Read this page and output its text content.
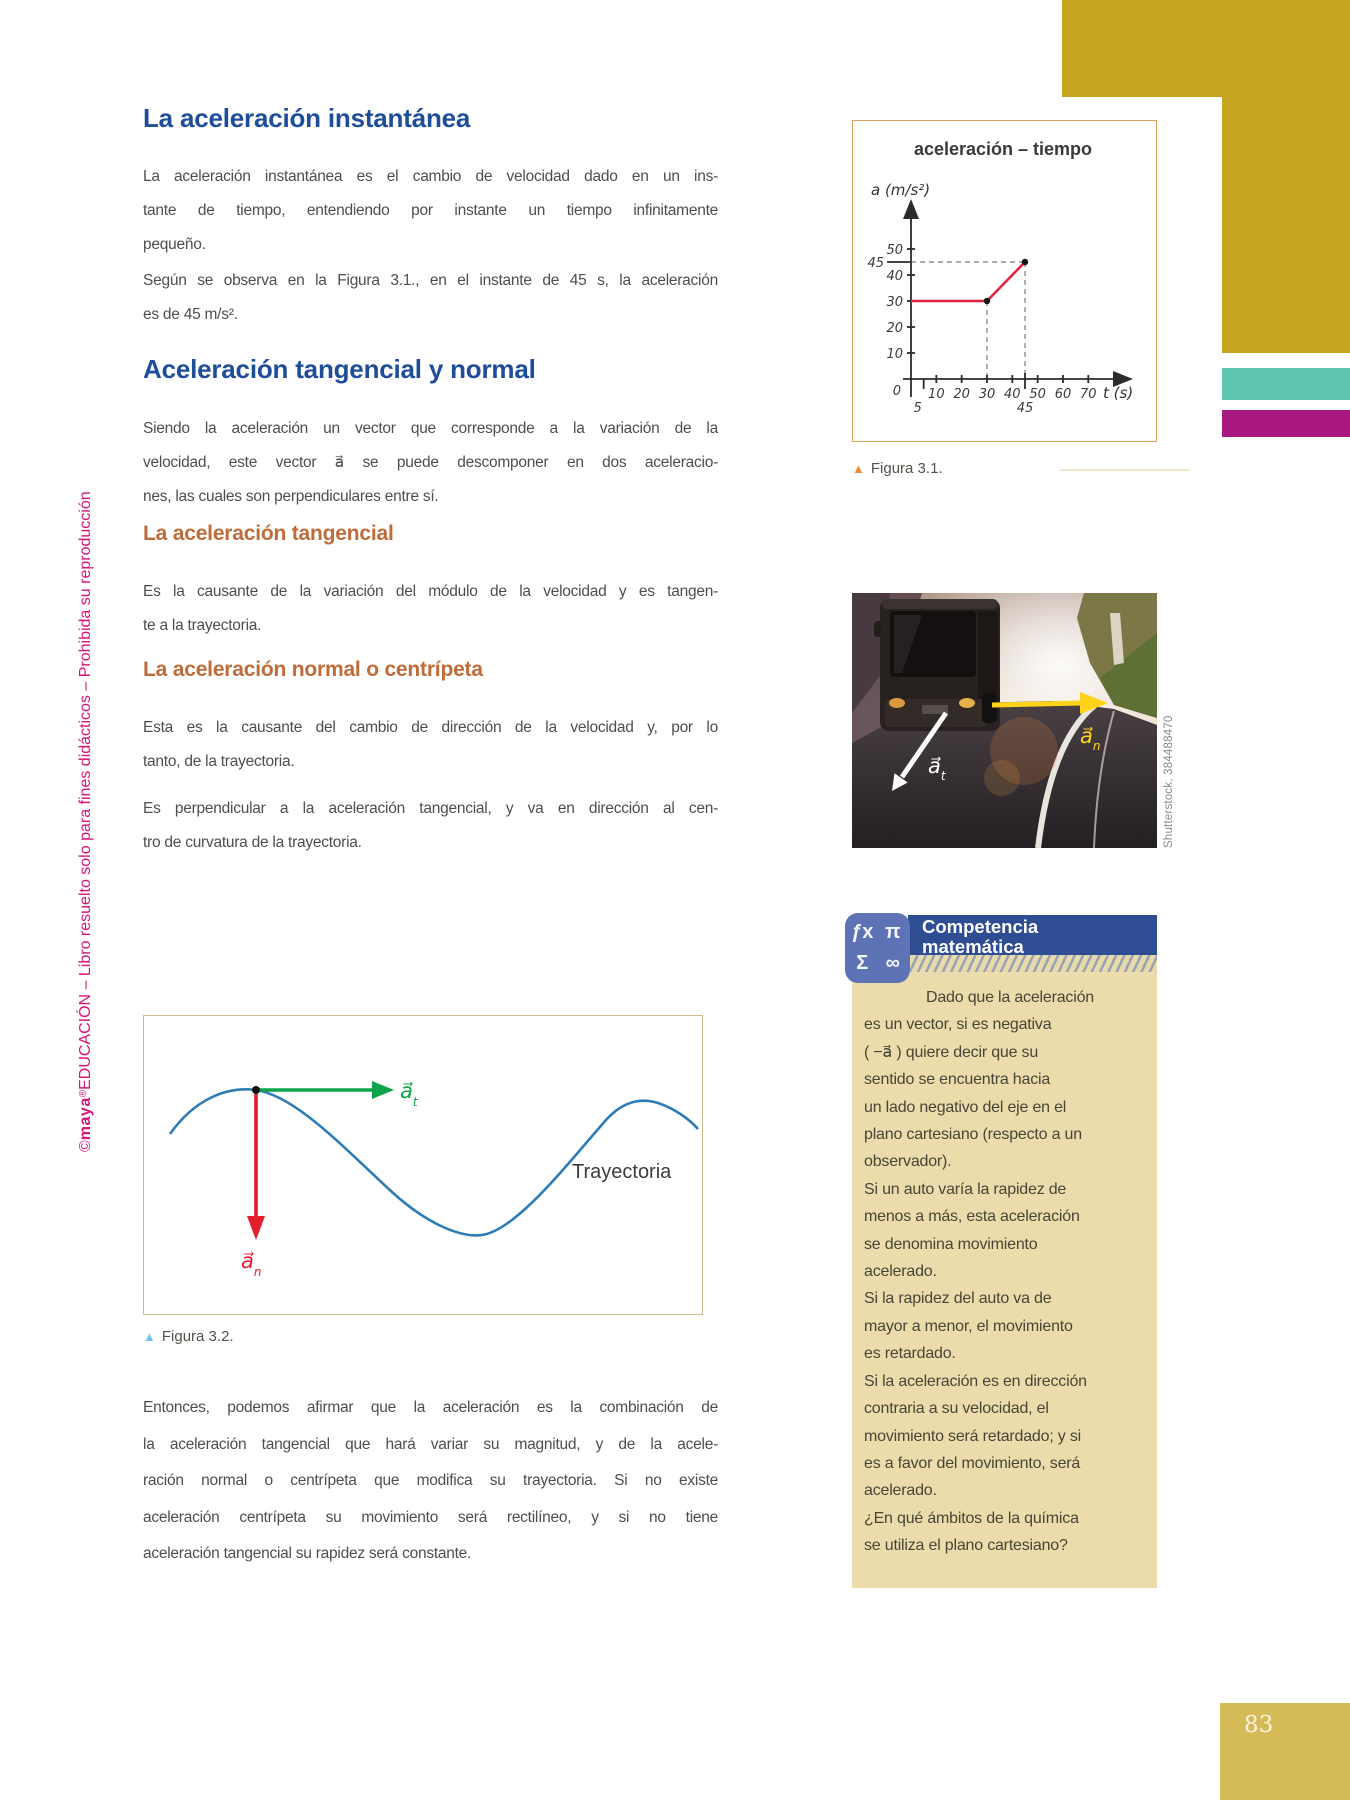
©maya®EDUCACIÓN – Libro resuelto solo para fines didácticos – Prohibida su reproducción
La aceleración instantánea
La aceleración instantánea es el cambio de velocidad dado en un ins-
tante de tiempo, entendiendo por instante un tiempo infinitamente
pequeño.
Según se observa en la Figura 3.1., en el instante de 45 s, la aceleración
es de 45 m/s².
Aceleración tangencial y normal
Siendo la aceleración un vector que corresponde a la variación de la
velocidad, este vector a⃗ se puede descomponer en dos aceleracio-
nes, las cuales son perpendiculares entre sí.
La aceleración tangencial
Es la causante de la variación del módulo de la velocidad y es tangen-
te a la trayectoria.
La aceleración normal o centrípeta
Esta es la causante del cambio de dirección de la velocidad y, por lo
tanto, de la trayectoria.
Es perpendicular a la aceleración tangencial, y va en dirección al cen-
tro de curvatura de la trayectoria.
10
20
30
40
50
45
10 20 30 40 50 60 70
0
5	45
aceleración – tiempo
a (m/s²)
t (s)
▲ Figura 3.1.
$a⃗_n$
$a⃗_t$	Shutterstock, 384488470
Dado que la aceleración
es un vector, si es negativa
( −a⃗ ) quiere decir que su
sentido se encuentra hacia
un lado negativo del eje en el
plano cartesiano (respecto a un
observador).
Si un auto varía la rapidez de
menos a más, esta aceleración
se denomina movimiento
acelerado.
Si la rapidez del auto va de
mayor a menor, el movimiento
es retardado.
Si la aceleración es en dirección
contraria a su velocidad, el
movimiento será retardado; y si
es a favor del movimiento, será
acelerado.
¿En qué ámbitos de la química
se utiliza el plano cartesiano?
Competencia
matemática
ƒx π
Σ ∞
$a⃗_t$
$a⃗_n$
Trayectoria
▲ Figura 3.2.
Entonces, podemos afirmar que la aceleración es la combinación de
la aceleración tangencial que hará variar su magnitud, y de la acele-
ración normal o centrípeta que modifica su trayectoria. Si no existe
aceleración centrípeta su movimiento será rectilíneo, y si no tiene
aceleración tangencial su rapidez será constante.
83
